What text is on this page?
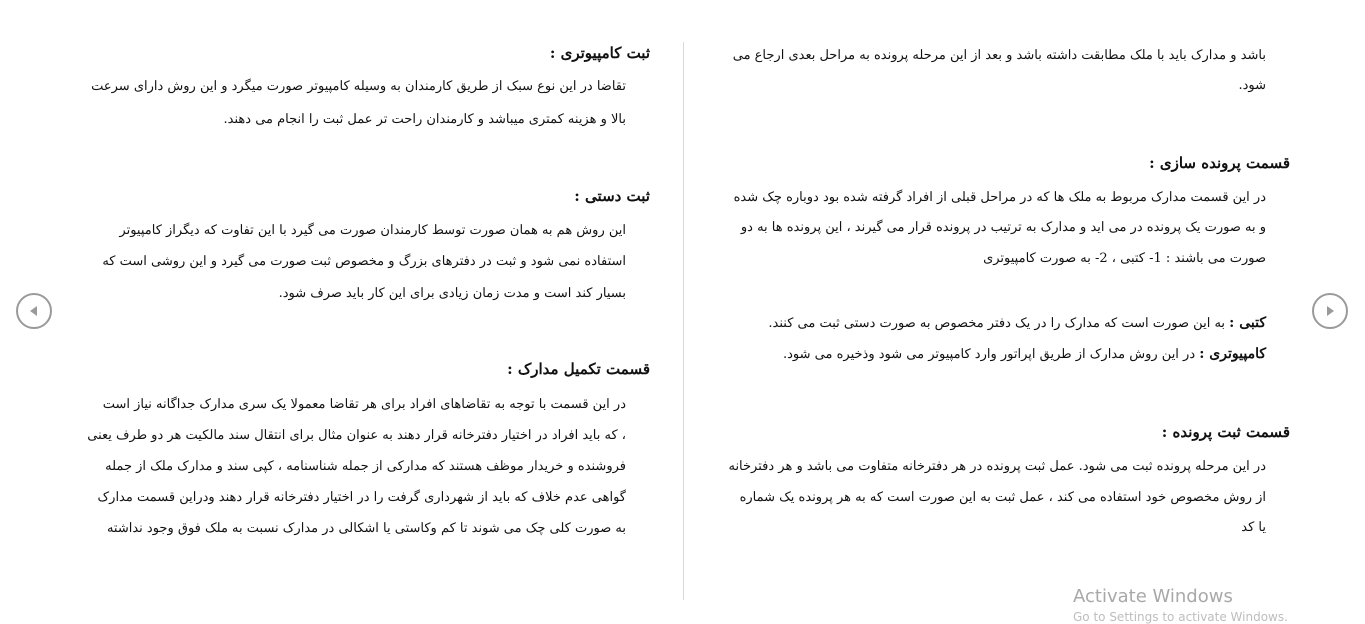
ثبت کامپیوتری :
تقاضا در این نوع سبک از طریق کارمندان به وسیله کامپیوتر صورت میگرد و این روش دارای سرعت
بالا و هزینه کمتری میباشد و کارمندان راحت تر عمل ثبت را انجام می دهند.
ثبت دستی :
این روش هم به همان صورت توسط کارمندان صورت می گیرد با این تفاوت که دیگراز کامپیوتر
استفاده نمی شود و ثبت در دفترهای بزرگ و مخصوص ثبت صورت می گیرد و این روشی است که
بسیار کند است و مدت زمان زیادی برای این کار باید صرف شود.
قسمت تکمیل مدارک :
در این قسمت با توجه به تقاضاهای افراد برای هر تقاضا معمولا یک سری مدارک جداگانه نیاز است
، که باید افراد در اختیار دفترخانه قرار دهند به عنوان مثال برای انتقال سند مالکیت هر دو طرف یعنی
فروشنده و خریدار موظف هستند که مدارکی از جمله شناسنامه ، کپی سند و مدارک ملک از جمله
گواهی عدم خلاف که باید از شهرداری گرفت را در اختیار دفترخانه قرار دهند ودراین قسمت مدارک
به صورت کلی چک می شوند تا کم وکاستی یا اشکالی در مدارک نسبت به ملک فوق وجود نداشته
باشد و مدارک باید با ملک مطابقت داشته باشد و بعد از این مرحله پرونده به مراحل بعدی ارجاع می
شود.
قسمت پرونده سازی :
در این قسمت مدارک مربوط به ملک ها که در مراحل قبلی از افراد گرفته شده بود دوباره چک شده
و به صورت یک پرونده در می اید و مدارک به ترتیب در پرونده قرار می گیرند ، این پرونده ها به دو
صورت می باشند : 1- کتبی ، 2- به صورت کامپیوتری
کتبی : به این صورت است که مدارک را در یک دفتر مخصوص به صورت دستی ثبت می کنند.
کامپیوتری : در این روش مدارک از طریق اپراتور وارد کامپیوتر می شود وذخیره می شود.
قسمت ثبت پرونده :
در این مرحله پرونده ثبت می شود. عمل ثبت پرونده در هر دفترخانه متفاوت می باشد و هر دفترخانه
از روش مخصوص خود استفاده می کند ، عمل ثبت به این صورت است که به هر پرونده یک شماره
یا کد
Activate Windows
Go to Settings to activate Windows.
